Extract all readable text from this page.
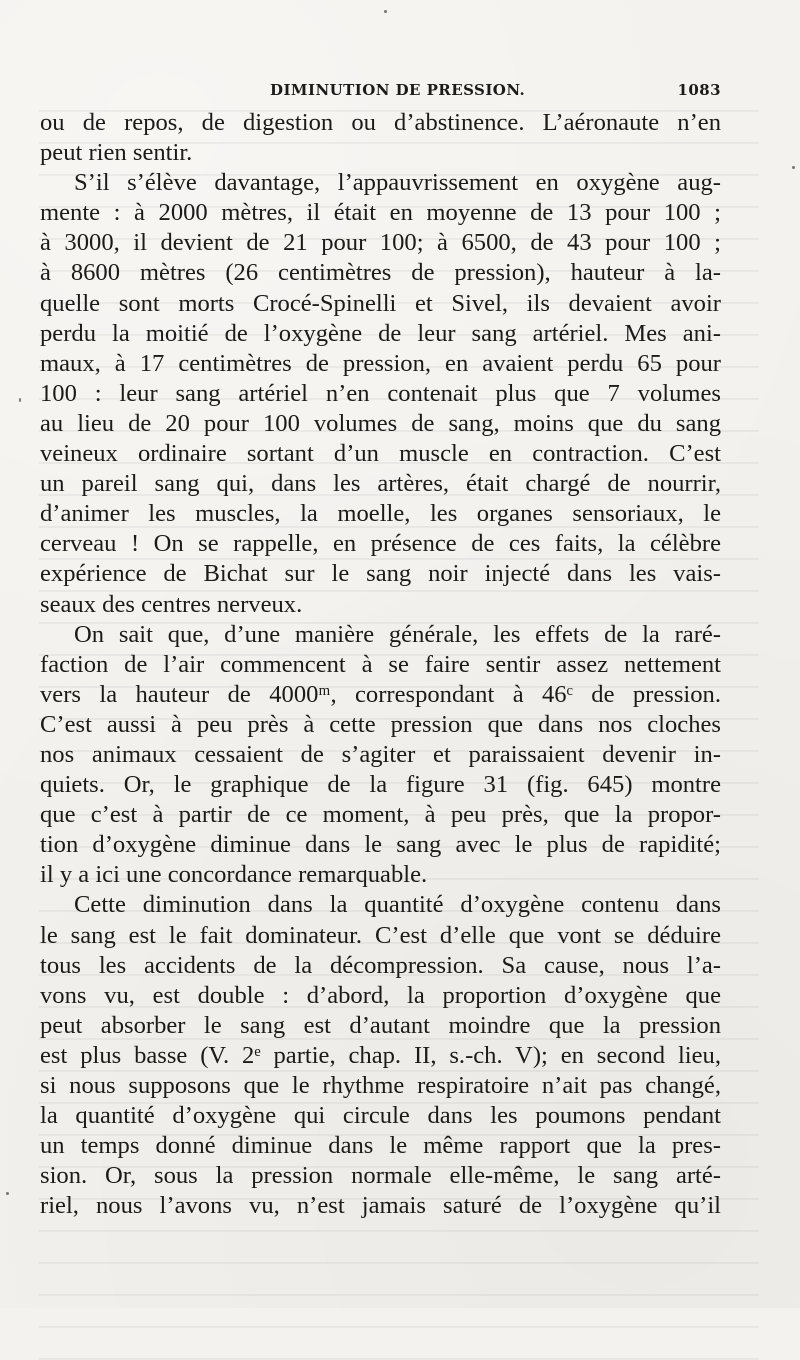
DIMINUTION DE PRESSION.	1083
ou de repos, de digestion ou d’abstinence. L’aéronaute n’en
peut rien sentir.
S’il s’élève davantage, l’appauvrissement en oxygène aug-
mente : à 2000 mètres, il était en moyenne de 13 pour 100 ;
à 3000, il devient de 21 pour 100; à 6500, de 43 pour 100 ;
à 8600 mètres (26 centimètres de pression), hauteur à la-
quelle sont morts Crocé-Spinelli et Sivel, ils devaient avoir
perdu la moitié de l’oxygène de leur sang artériel. Mes ani-
maux, à 17 centimètres de pression, en avaient perdu 65 pour
100 : leur sang artériel n’en contenait plus que 7 volumes
au lieu de 20 pour 100 volumes de sang, moins que du sang
veineux ordinaire sortant d’un muscle en contraction. C’est
un pareil sang qui, dans les artères, était chargé de nourrir,
d’animer les muscles, la moelle, les organes sensoriaux, le
cerveau ! On se rappelle, en présence de ces faits, la célèbre
expérience de Bichat sur le sang noir injecté dans les vais-
seaux des centres nerveux.
On sait que, d’une manière générale, les effets de la raré-
faction de l’air commencent à se faire sentir assez nettement
vers la hauteur de 4000ᵐ, correspondant à 46ᶜ de pression.
C’est aussi à peu près à cette pression que dans nos cloches
nos animaux cessaient de s’agiter et paraissaient devenir in-
quiets. Or, le graphique de la figure 31 (fig. 645) montre
que c’est à partir de ce moment, à peu près, que la propor-
tion d’oxygène diminue dans le sang avec le plus de rapidité;
il y a ici une concordance remarquable.
Cette diminution dans la quantité d’oxygène contenu dans
le sang est le fait dominateur. C’est d’elle que vont se déduire
tous les accidents de la décompression. Sa cause, nous l’a-
vons vu, est double : d’abord, la proportion d’oxygène que
peut absorber le sang est d’autant moindre que la pression
est plus basse (V. 2ᵉ partie, chap. II, s.-ch. V); en second lieu,
si nous supposons que le rhythme respiratoire n’ait pas changé,
la quantité d’oxygène qui circule dans les poumons pendant
un temps donné diminue dans le même rapport que la pres-
sion. Or, sous la pression normale elle-même, le sang arté-
riel, nous l’avons vu, n’est jamais saturé de l’oxygène qu’il
